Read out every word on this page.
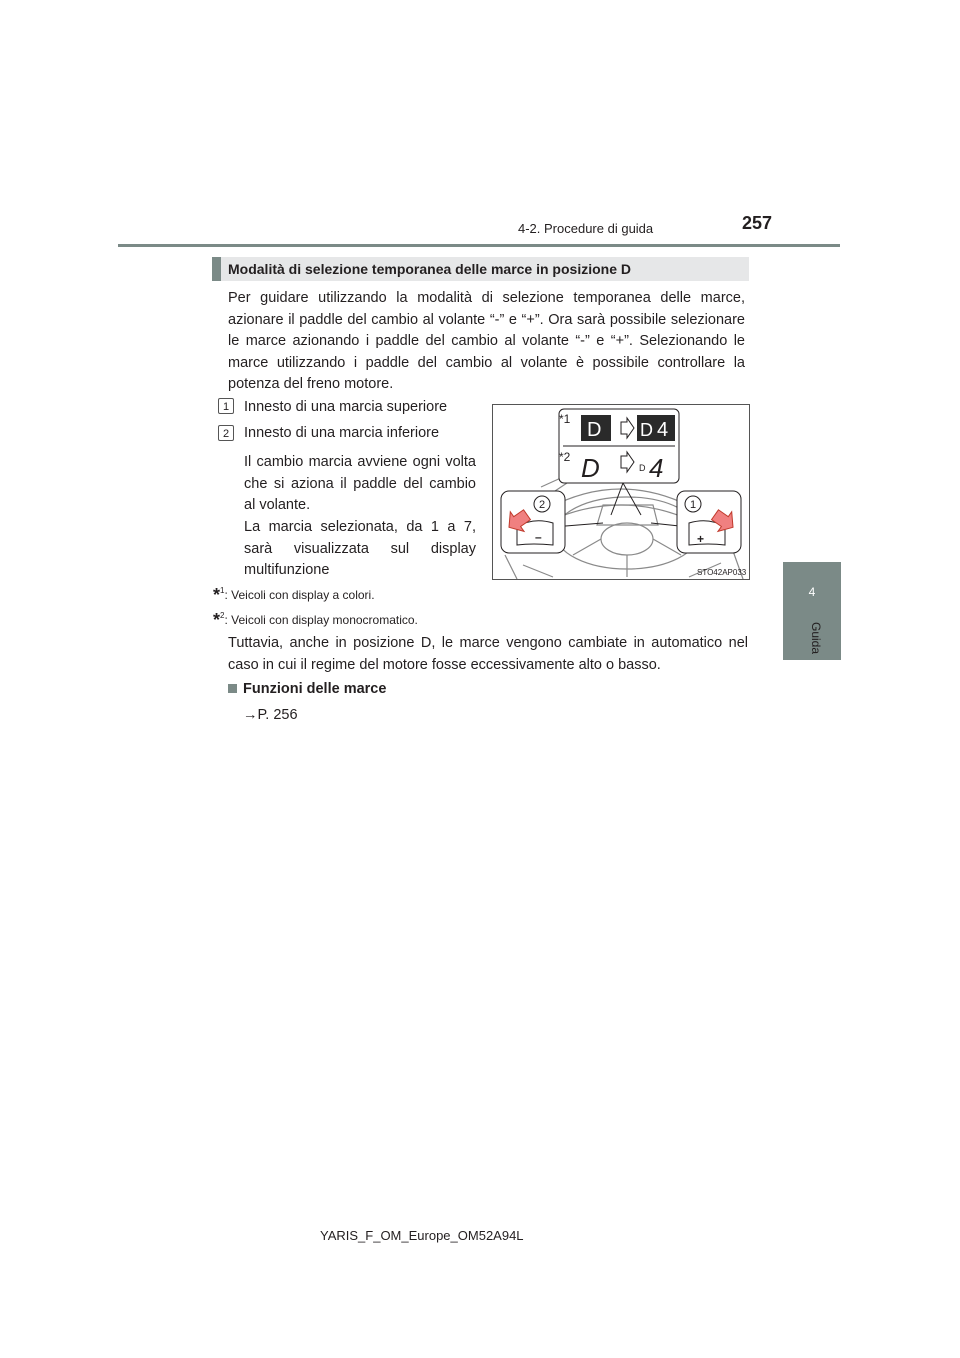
257
4-2. Procedure di guida
4
Guida
Modalità di selezione temporanea delle marce in posizione D
Per guidare utilizzando la modalità di selezione temporanea delle marce, azionare il paddle del cambio al volante “-” e “+”. Ora sarà possibile selezionare le marce azionando i paddle del cambio al volante “-” e “+”. Selezionando le marce utilizzando i paddle del cambio al volante è possibile controllare la potenza del freno motore.
1	Innesto di una marcia superiore
2	Innesto di una marcia inferiore
Il cambio marcia avviene ogni volta che si aziona il paddle del cambio al volante.
La marcia selezionata, da 1 a 7, sarà visualizzata sul display multifunzione
*1 D D 4
*2 D	D 4
2
–
1
+
STO42AP033
*$^1$: Veicoli con display a colori.
*$^2$: Veicoli con display monocromatico.
Tuttavia, anche in posizione D, le marce vengono cambiate in automatico nel caso in cui il regime del motore fosse eccessivamente alto o basso.
Funzioni delle marce
→P. 256
YARIS_F_OM_Europe_OM52A94L
